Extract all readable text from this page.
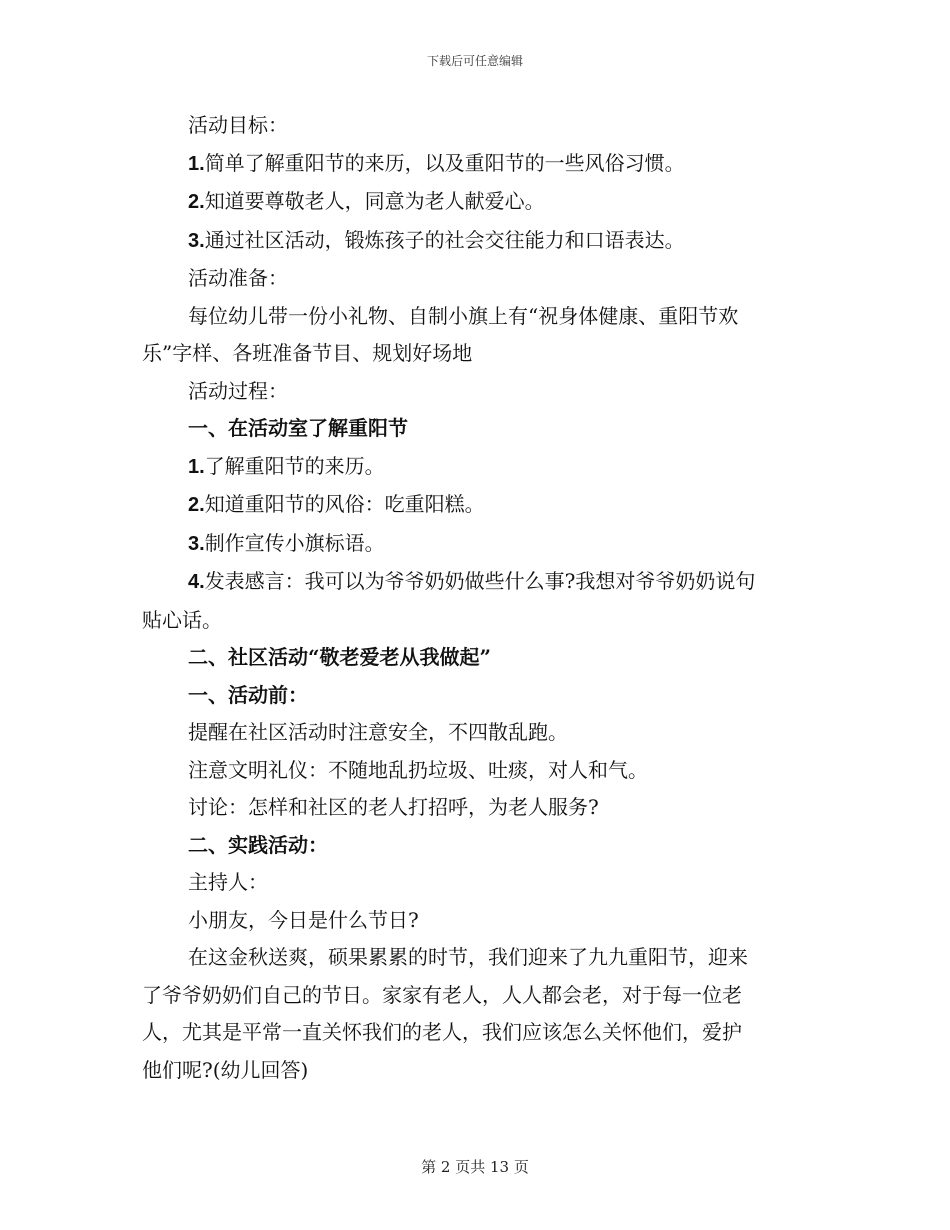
下载后可任意编辑
活动目标：
1.简单了解重阳节的来历，以及重阳节的一些风俗习惯。
2.知道要尊敬老人，同意为老人献爱心。
3.通过社区活动，锻炼孩子的社会交往能力和口语表达。
活动准备：
每位幼儿带一份小礼物、自制小旗上有“祝身体健康、重阳节欢
乐”字样、各班准备节目、规划好场地
活动过程：
一、在活动室了解重阳节
1.了解重阳节的来历。
2.知道重阳节的风俗：吃重阳糕。
3.制作宣传小旗标语。
4.发表感言：我可以为爷爷奶奶做些什么事?我想对爷爷奶奶说句
贴心话。
二、社区活动“敬老爱老从我做起”
一、活动前：
提醒在社区活动时注意安全，不四散乱跑。
注意文明礼仪：不随地乱扔垃圾、吐痰，对人和气。
讨论：怎样和社区的老人打招呼，为老人服务?
二、实践活动：
主持人：
小朋友，今日是什么节日?
在这金秋送爽，硕果累累的时节，我们迎来了九九重阳节，迎来
了爷爷奶奶们自己的节日。家家有老人，人人都会老，对于每一位老
人，尤其是平常一直关怀我们的老人，我们应该怎么关怀他们，爱护
他们呢?(幼儿回答)
第 2 页共 13 页
